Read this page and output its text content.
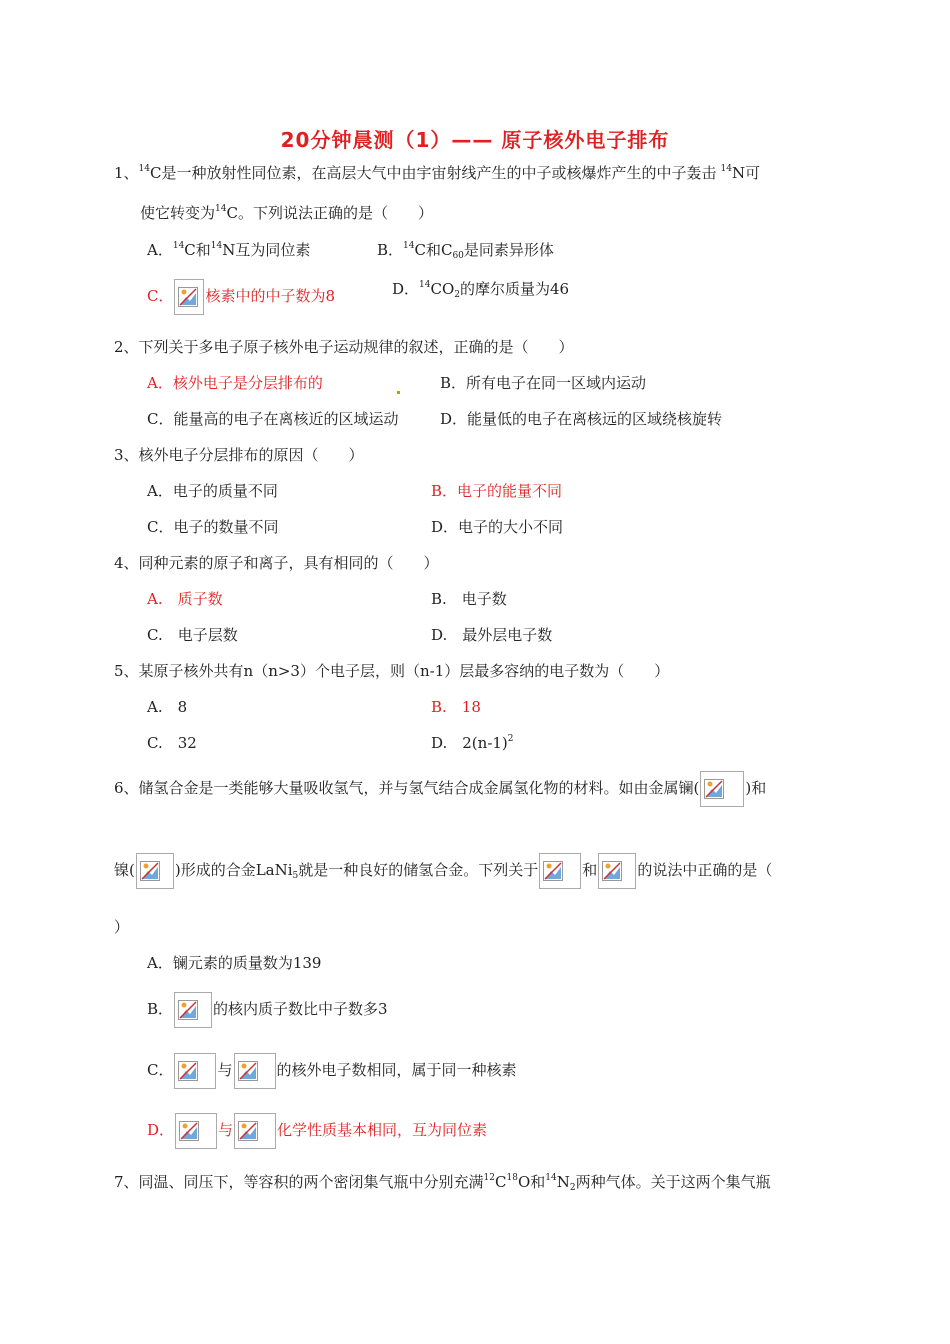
20分钟晨测（1）—— 原子核外电子排布
1、$^{14}$C是一种放射性同位素，在高层大气中由宇宙射线产生的中子或核爆炸产生的中子轰击 $^{14}$N可
使它转变为$^{14}$C。下列说法正确的是（　　）
A．$^{14}$C和$^{14}$N互为同位素	B．$^{14}$C和$C_{60}$是同素异形体
C． 核素中的中子数为8	D．$^{14}CO_2$的摩尔质量为46
2、下列关于多电子原子核外电子运动规律的叙述，正确的是（　　）
A．核外电子是分层排布的	B．所有电子在同一区域内运动
C．能量高的电子在离核近的区域运动	D．能量低的电子在离核远的区域绕核旋转
3、核外电子分层排布的原因（　　）
A．电子的质量不同	B．电子的能量不同
C．电子的数量不同	D．电子的大小不同
4、同种元素的原子和离子，具有相同的（　　）
A.　质子数	B.　电子数
C.　电子层数	D.　最外层电子数
5、某原子核外共有n（n>3）个电子层，则（n-1）层最多容纳的电子数为（　　）
A.　8	B.　18
C.　32	D.　$2(n-1)^2$
6、储氢合金是一类能够大量吸收氢气，并与氢气结合成金属氢化物的材料。如由金属镧(	)和
镍(	)形成的合金LaNi$_5$就是一种良好的储氢合金。下列关于	和	的说法中正确的是（
）
A．镧元素的质量数为139
B．	的核内质子数比中子数多3
C．	与	的核外电子数相同，属于同一种核素
D．	与	化学性质基本相同，互为同位素
7、同温、同压下，等容积的两个密闭集气瓶中分别充满$^{12}C^{18}O$和$^{14}N_2$两种气体。关于这两个集气瓶
